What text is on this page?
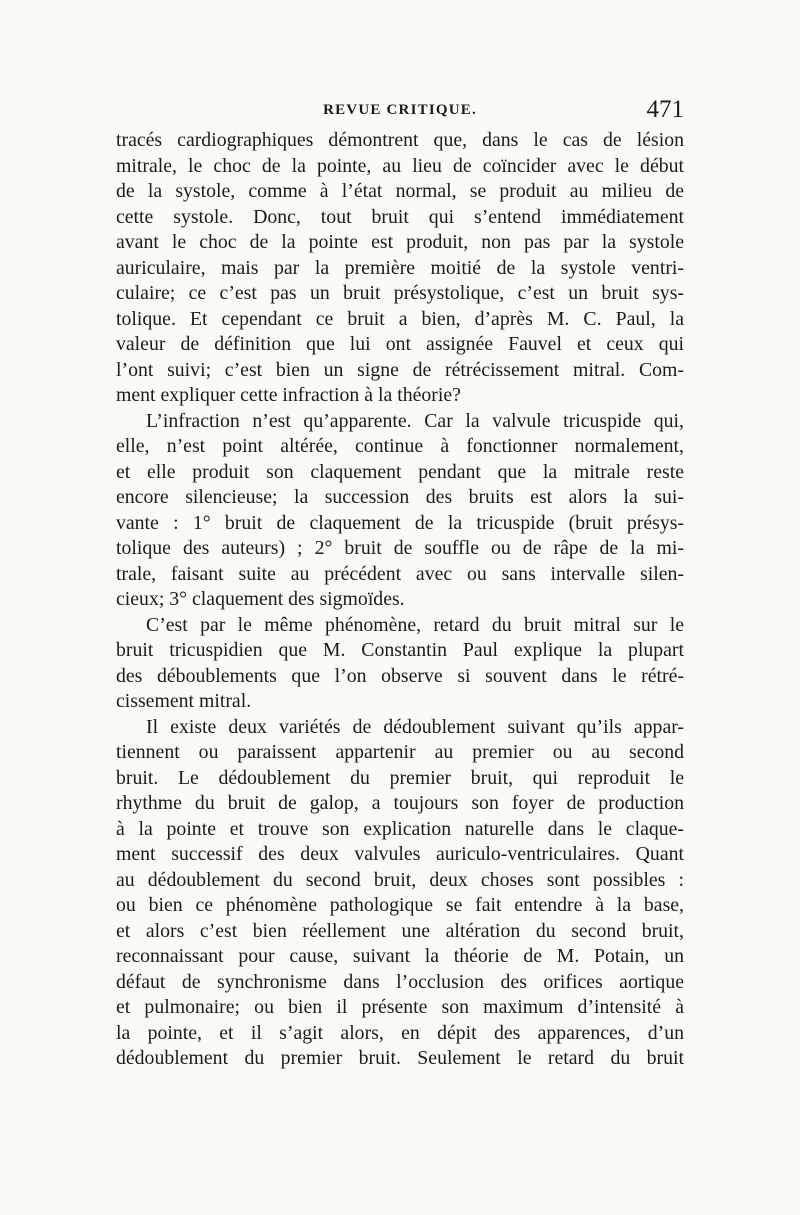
REVUE CRITIQUE.	471
tracés cardiographiques démontrent que, dans le cas de lésion
mitrale, le choc de la pointe, au lieu de coïncider avec le début
de la systole, comme à l’état normal, se produit au milieu de
cette systole. Donc, tout bruit qui s’entend immédiatement
avant le choc de la pointe est produit, non pas par la systole
auriculaire, mais par la première moitié de la systole ventri-
culaire; ce c’est pas un bruit présystolique, c’est un bruit sys-
tolique. Et cependant ce bruit a bien, d’après M. C. Paul, la
valeur de définition que lui ont assignée Fauvel et ceux qui
l’ont suivi; c’est bien un signe de rétrécissement mitral. Com-
ment expliquer cette infraction à la théorie?
L’infraction n’est qu’apparente. Car la valvule tricuspide qui,
elle, n’est point altérée, continue à fonctionner normalement,
et elle produit son claquement pendant que la mitrale reste
encore silencieuse; la succession des bruits est alors la sui-
vante : 1° bruit de claquement de la tricuspide (bruit présys-
tolique des auteurs) ; 2° bruit de souffle ou de râpe de la mi-
trale, faisant suite au précédent avec ou sans intervalle silen-
cieux; 3° claquement des sigmoïdes.
C’est par le même phénomène, retard du bruit mitral sur le
bruit tricuspidien que M. Constantin Paul explique la plupart
des déboublements que l’on observe si souvent dans le rétré-
cissement mitral.
Il existe deux variétés de dédoublement suivant qu’ils appar-
tiennent ou paraissent appartenir au premier ou au second
bruit. Le dédoublement du premier bruit, qui reproduit le
rhythme du bruit de galop, a toujours son foyer de production
à la pointe et trouve son explication naturelle dans le claque-
ment successif des deux valvules auriculo-ventriculaires. Quant
au dédoublement du second bruit, deux choses sont possibles :
ou bien ce phénomène pathologique se fait entendre à la base,
et alors c’est bien réellement une altération du second bruit,
reconnaissant pour cause, suivant la théorie de M. Potain, un
défaut de synchronisme dans l’occlusion des orifices aortique
et pulmonaire; ou bien il présente son maximum d’intensité à
la pointe, et il s’agit alors, en dépit des apparences, d’un
dédoublement du premier bruit. Seulement le retard du bruit
